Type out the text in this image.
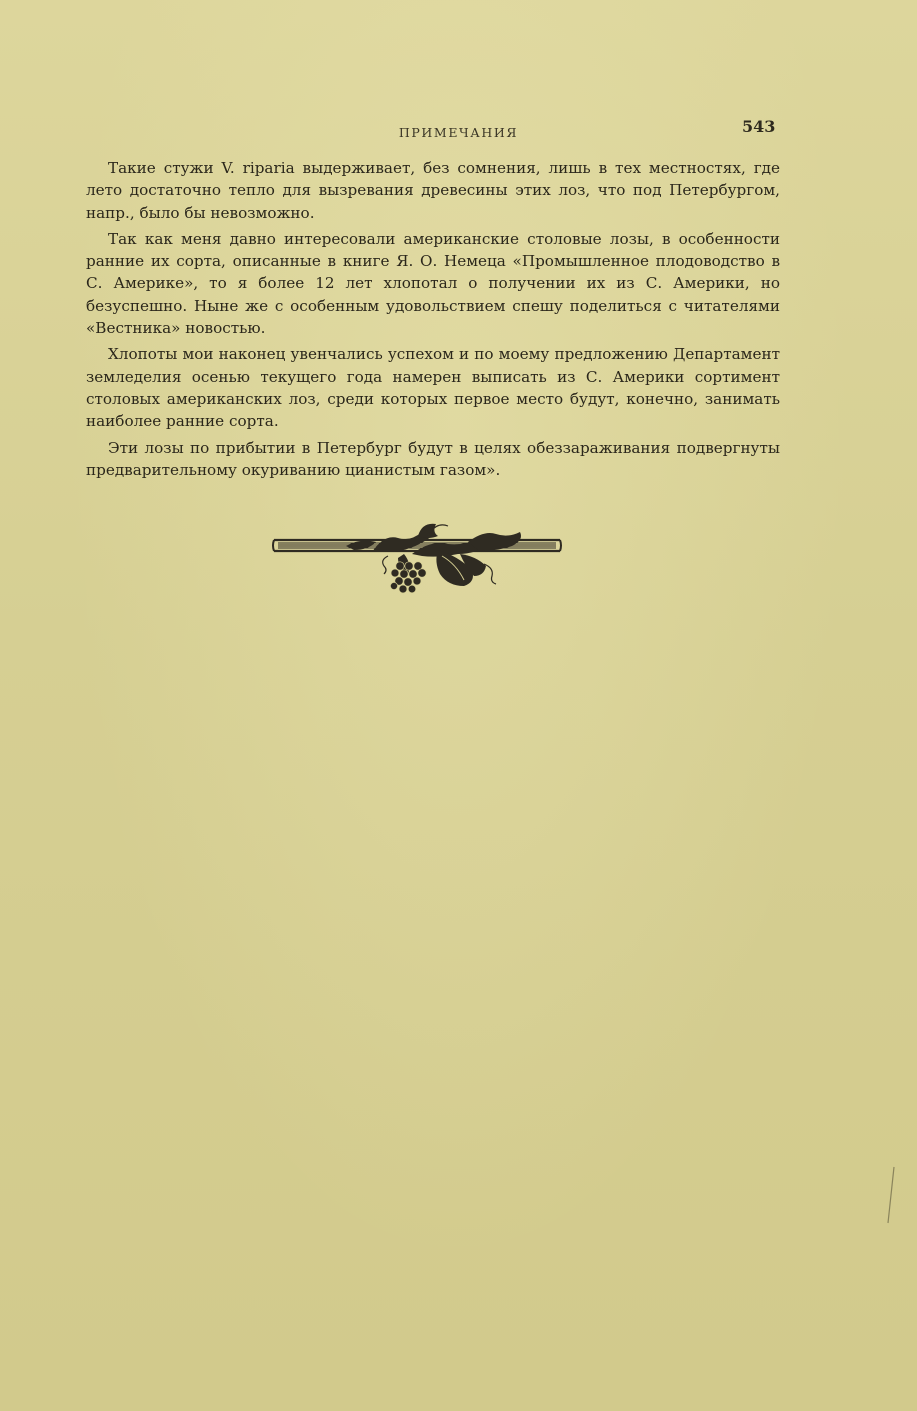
ПРИМЕЧАНИЯ	543

Такие стужи V. riparia выдерживает, без сомнения, лишь в тех местностях, где лето достаточно тепло для вызревания древесины этих лоз, что под Петербургом, напр., было бы невозможно.

Так как меня давно интересовали американские столовые лозы, в особенности ранние их сорта, описанные в книге Я. О. Немеца «Промышленное плодоводство в С. Америке», то я более 12 лет хлопотал о получении их из С. Америки, но безуспешно. Ныне же с особенным удовольствием спешу поделиться с читателями «Вестника» новостью.

Хлопоты мои наконец увенчались успехом и по моему предложению Департамент земледелия осенью текущего года намерен выписать из С. Америки сортимент столовых американских лоз, среди которых первое место будут, конечно, занимать наиболее ранние сорта.

Эти лозы по прибытии в Петербург будут в целях обеззараживания подвергнуты предварительному окуриванию цианистым газом».
